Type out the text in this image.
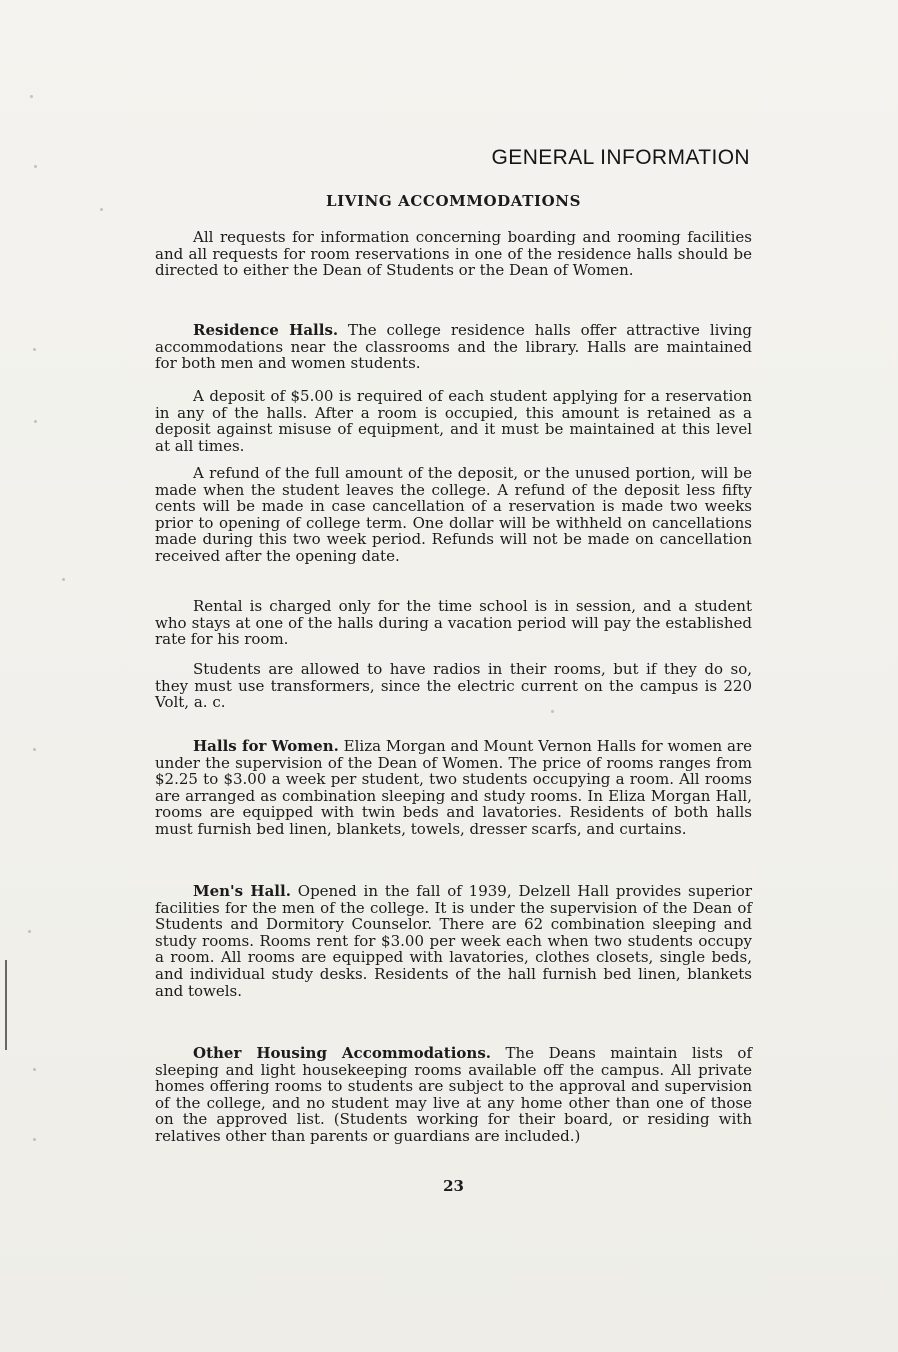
GENERAL INFORMATION
LIVING ACCOMMODATIONS

All requests for information concerning boarding and rooming facilities and all requests for room reservations in one of the residence halls should be directed to either the Dean of Students or the Dean of Women.

Residence Halls. The college residence halls offer attractive living accommodations near the classrooms and the library. Halls are maintained for both men and women students.

A deposit of $5.00 is required of each student applying for a reservation in any of the halls. After a room is occupied, this amount is retained as a deposit against misuse of equipment, and it must be maintained at this level at all times.

A refund of the full amount of the deposit, or the unused portion, will be made when the student leaves the college. A refund of the deposit less fifty cents will be made in case cancellation of a reservation is made two weeks prior to opening of college term. One dollar will be withheld on cancellations made during this two week period. Refunds will not be made on cancellation received after the opening date.

Rental is charged only for the time school is in session, and a student who stays at one of the halls during a vacation period will pay the established rate for his room.

Students are allowed to have radios in their rooms, but if they do so, they must use transformers, since the electric current on the campus is 220 Volt, a. c.

Halls for Women. Eliza Morgan and Mount Vernon Halls for women are under the supervision of the Dean of Women. The price of rooms ranges from $2.25 to $3.00 a week per student, two students occupying a room. All rooms are arranged as combination sleeping and study rooms. In Eliza Morgan Hall, rooms are equipped with twin beds and lavatories. Residents of both halls must furnish bed linen, blankets, towels, dresser scarfs, and curtains.

Men's Hall. Opened in the fall of 1939, Delzell Hall provides superior facilities for the men of the college. It is under the supervision of the Dean of Students and Dormitory Counselor. There are 62 combination sleeping and study rooms. Rooms rent for $3.00 per week each when two students occupy a room. All rooms are equipped with lavatories, clothes closets, single beds, and individual study desks. Residents of the hall furnish bed linen, blankets and towels.

Other Housing Accommodations. The Deans maintain lists of sleeping and light housekeeping rooms available off the campus. All private homes offering rooms to students are subject to the approval and supervision of the college, and no student may live at any home other than one of those on the approved list. (Students working for their board, or residing with relatives other than parents or guardians are included.)

23
